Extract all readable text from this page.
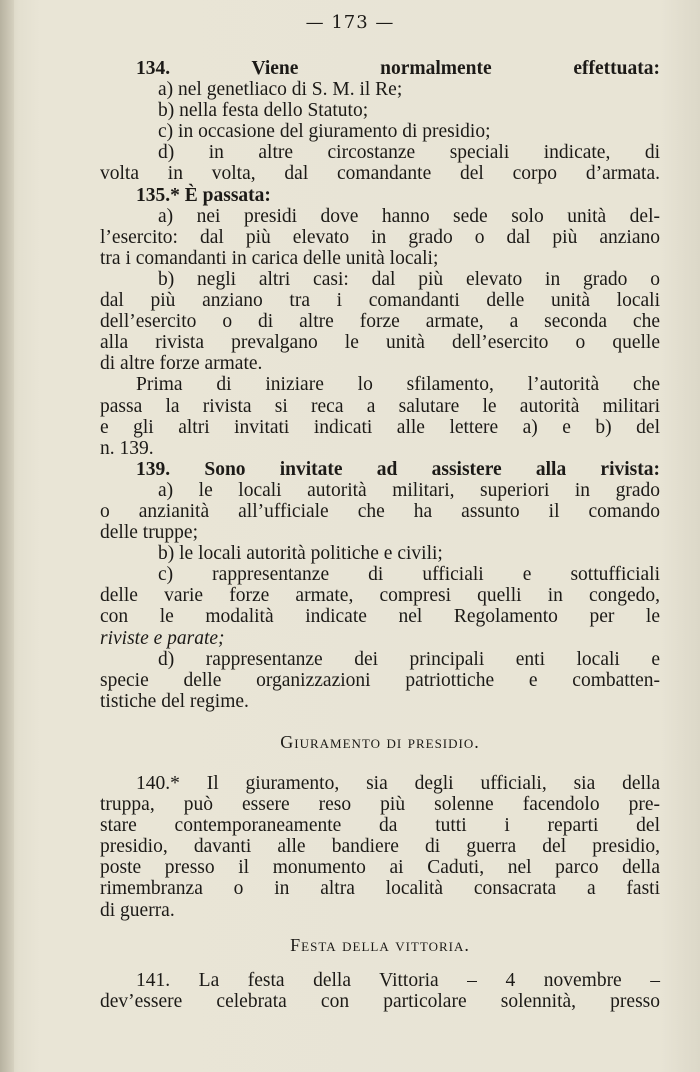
— 173 —

134. Viene normalmente effettuata:

a) nel genetliaco di S. M. il Re;

b) nella festa dello Statuto;

c) in occasione del giuramento di presidio;

d) in altre circostanze speciali indicate, di

volta in volta, dal comandante del corpo d’armata.

135.* È passata:

a) nei presidi dove hanno sede solo unità del-

l’esercito: dal più elevato in grado o dal più anziano

tra i comandanti in carica delle unità locali;

b) negli altri casi: dal più elevato in grado o

dal più anziano tra i comandanti delle unità locali

dell’esercito o di altre forze armate, a seconda che

alla rivista prevalgano le unità dell’esercito o quelle

di altre forze armate.

Prima di iniziare lo sfilamento, l’autorità che

passa la rivista si reca a salutare le autorità militari

e gli altri invitati indicati alle lettere a) e b) del

n. 139.

139. Sono invitate ad assistere alla rivista:

a) le locali autorità militari, superiori in grado

o anzianità all’ufficiale che ha assunto il comando

delle truppe;

b) le locali autorità politiche e civili;

c) rappresentanze di ufficiali e sottufficiali

delle varie forze armate, compresi quelli in congedo,

con le modalità indicate nel Regolamento per le

riviste e parate;

d) rappresentanze dei principali enti locali e

specie delle organizzazioni patriottiche e combatten-

tistiche del regime.

Giuramento di presidio.

140.* Il giuramento, sia degli ufficiali, sia della

truppa, può essere reso più solenne facendolo pre-

stare contemporaneamente da tutti i reparti del

presidio, davanti alle bandiere di guerra del presidio,

poste presso il monumento ai Caduti, nel parco della

rimembranza o in altra località consacrata a fasti

di guerra.

Festa della vittoria.

141. La festa della Vittoria – 4 novembre –

dev’essere celebrata con particolare solennità, presso
